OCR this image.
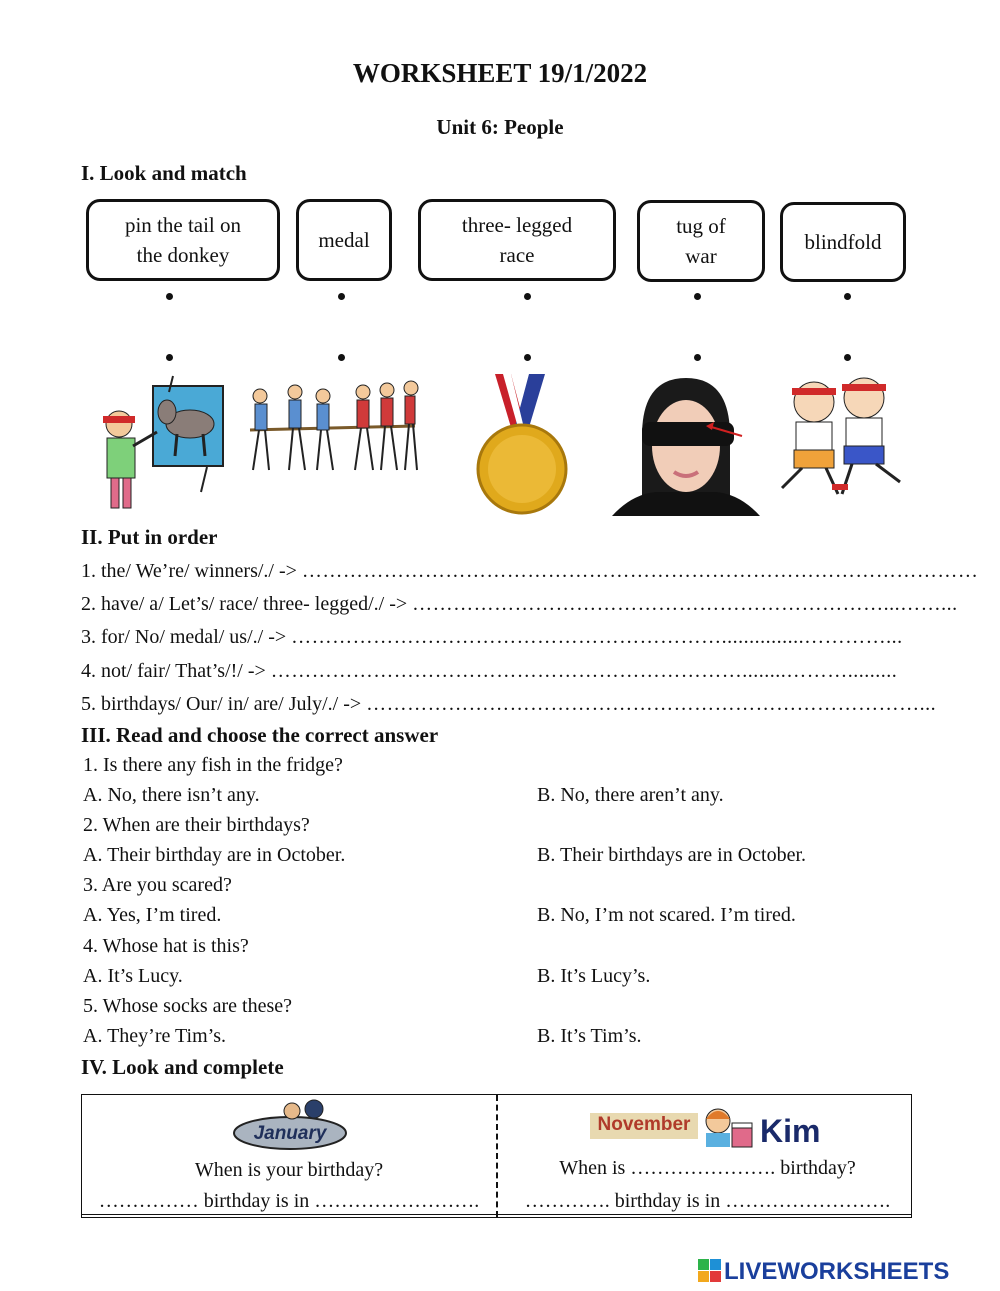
WORKSHEET 19/1/2022
Unit 6: People
I. Look and match
pin the tail on
the donkey
medal
three- legged
race
tug of
war
blindfold
II. Put in order
1. the/ We’re/ winners/./ -> ………………………………………………………………………………………
2. have/ a/ Let’s/ race/ three- legged/./ -> ……………………………………………………………...……...
3. for/ No/ medal/ us/./ -> ………………………………………………………...............…………...
4. not/ fair/ That’s/!/ -> ……………………………………………………………........……….........
5. birthdays/ Our/ in/ are/ July/./ -> ………………………………………………………………………...
III. Read and choose the correct answer
1. Is there any fish in the fridge?
A. No, there isn’t any.	B. No, there aren’t any.
2. When are their birthdays?
A. Their birthday are in October.	B. Their birthdays are in October.
3. Are you scared?
A. Yes, I’m tired.	B. No, I’m not scared. I’m tired.
4. Whose hat is this?
A. It’s Lucy.	B. It’s Lucy’s.
5. Whose socks are these?
A. They’re Tim’s.	B. It’s Tim’s.
IV. Look and complete
January
When is your birthday?
…………… birthday is in …………………….
November Kim
When is …………………. birthday?
…………. birthday is in …………………….
LIVEWORKSHEETS
